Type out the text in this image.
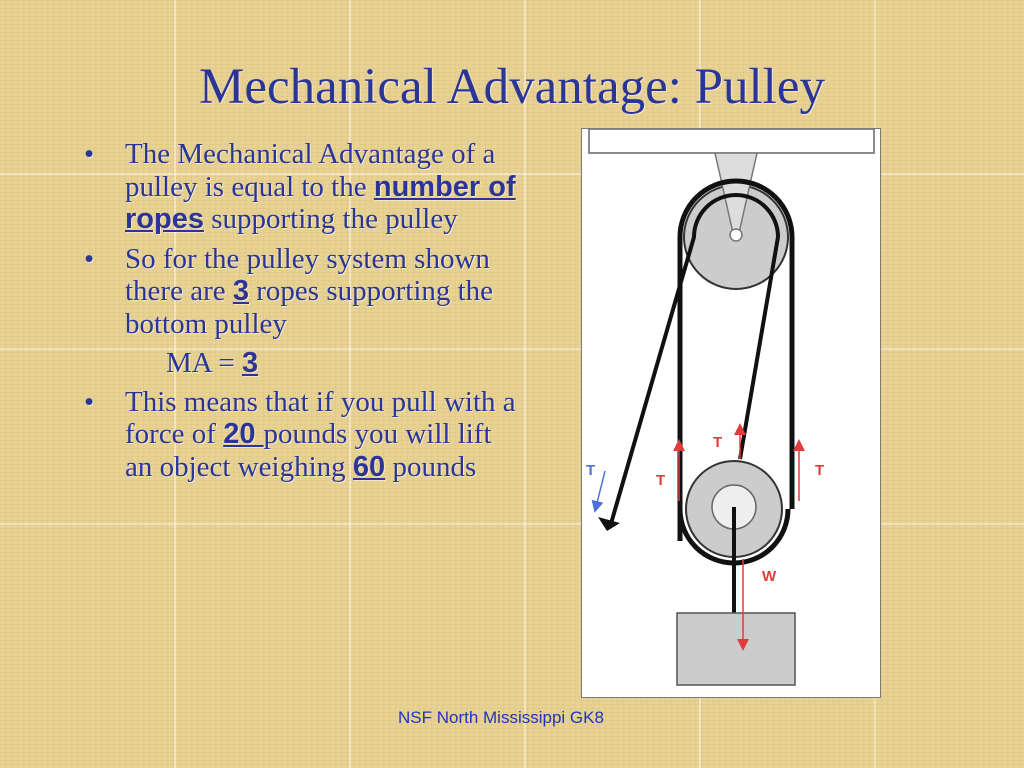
Mechanical Advantage: Pulley
•	The Mechanical Advantage of a pulley is equal to the number of ropes supporting the pulley
•	So for the pulley system shown there are 3 ropes supporting the bottom pulley
MA = 3
•	This means that if you pull with a force of 20 pounds you will lift an object weighing 60 pounds	T
T
T
W
T
NSF North Mississippi GK8
